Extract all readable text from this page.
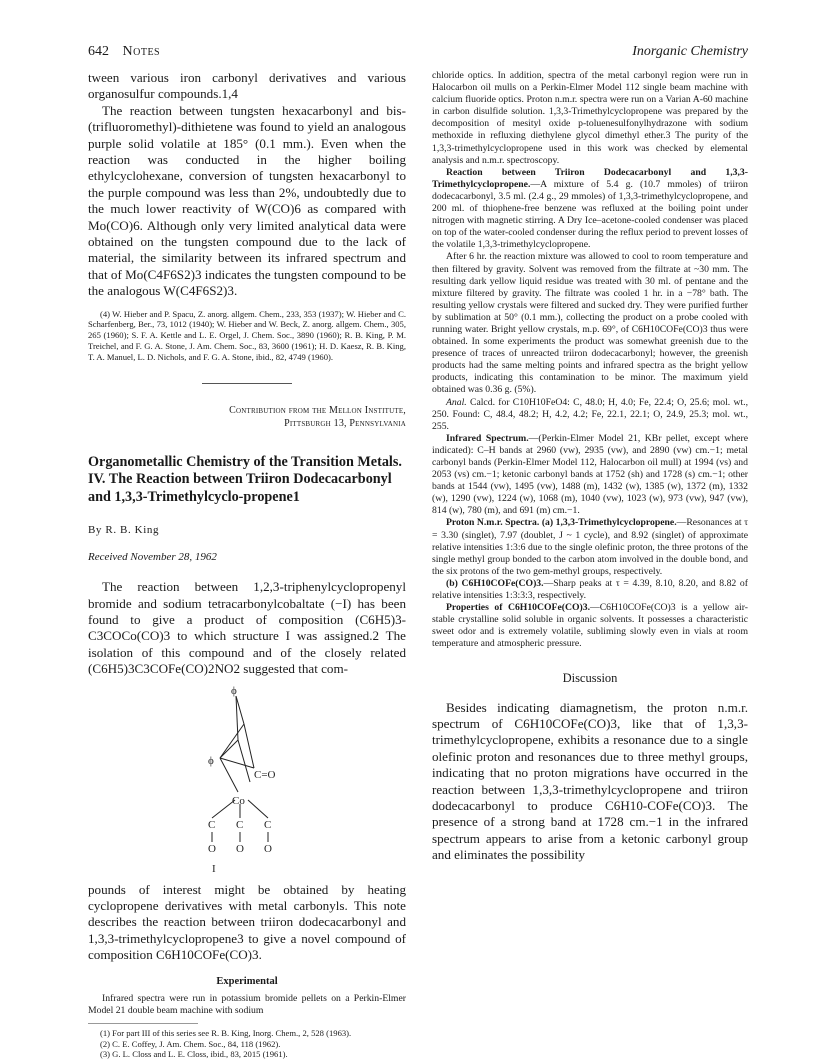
642 Notes	Inorganic Chemistry

tween various iron carbonyl derivatives and various organosulfur compounds.1,4

The reaction between tungsten hexacarbonyl and bis-(trifluoromethyl)-dithietene was found to yield an analogous purple solid volatile at 185° (0.1 mm.). Even when the reaction was conducted in the higher boiling ethylcyclohexane, conversion of tungsten hexacarbonyl to the purple compound was less than 2%, undoubtedly due to the much lower reactivity of W(CO)6 as compared with Mo(CO)6. Although only very limited analytical data were obtained on the tungsten compound due to the lack of material, the similarity between its infrared spectrum and that of Mo(C4F6S2)3 indicates the tungsten compound to be the analogous W(C4F6S2)3.

(4) W. Hieber and P. Spacu, Z. anorg. allgem. Chem., 233, 353 (1937); W. Hieber and C. Scharfenberg, Ber., 73, 1012 (1940); W. Hieber and W. Beck, Z. anorg. allgem. Chem., 305, 265 (1960); S. F. A. Kettle and L. E. Orgel, J. Chem. Soc., 3890 (1960); R. B. King, P. M. Treichel, and F. G. A. Stone, J. Am. Chem. Soc., 83, 3600 (1961); H. D. Kaesz, R. B. King, T. A. Manuel, L. D. Nichols, and F. G. A. Stone, ibid., 82, 4749 (1960).

Contribution from the Mellon Institute,
Pittsburgh 13, Pennsylvania
Organometallic Chemistry of the Transition Metals. IV. The Reaction between Triiron Dodecacarbonyl and 1,3,3-Trimethylcyclo-propene1
By R. B. King
Received November 28, 1962

The reaction between 1,2,3-triphenylcyclopropenyl bromide and sodium tetracarbonylcobaltate (−I) has been found to give a product of composition (C6H5)3-C3COCo(CO)3 to which structure I was assigned.2 The isolation of this compound and of the closely related (C6H5)3C3COFe(CO)2NO2 suggested that com-

ϕ
ϕ
C=O
Co
C C C
O O O
I

pounds of interest might be obtained by heating cyclopropene derivatives with metal carbonyls. This note describes the reaction between triiron dodecacarbonyl and 1,3,3-trimethylcyclopropene3 to give a novel compound of composition C6H10COFe(CO)3.

Experimental

Infrared spectra were run in potassium bromide pellets on a Perkin-Elmer Model 21 double beam machine with sodium

(1) For part III of this series see R. B. King, Inorg. Chem., 2, 528 (1963).

(2) C. E. Coffey, J. Am. Chem. Soc., 84, 118 (1962).

(3) G. L. Closs and L. E. Closs, ibid., 83, 2015 (1961).

chloride optics. In addition, spectra of the metal carbonyl region were run in Halocarbon oil mulls on a Perkin-Elmer Model 112 single beam machine with calcium fluoride optics. Proton n.m.r. spectra were run on a Varian A-60 machine in carbon disulfide solution. 1,3,3-Trimethylcyclopropene was prepared by the decomposition of mesityl oxide p-toluenesulfonylhydrazone with sodium methoxide in refluxing diethylene glycol dimethyl ether.3 The purity of the 1,3,3-trimethylcyclopropene used in this work was checked by elemental analysis and n.m.r. spectroscopy.

Reaction between Triiron Dodecacarbonyl and 1,3,3-Trimethylcyclopropene.—A mixture of 5.4 g. (10.7 mmoles) of triiron dodecacarbonyl, 3.5 ml. (2.4 g., 29 mmoles) of 1,3,3-trimethylcyclopropene, and 200 ml. of thiophene-free benzene was refluxed at the boiling point under nitrogen with magnetic stirring. A Dry Ice–acetone-cooled condenser was placed on top of the water-cooled condenser during the reflux period to prevent losses of the volatile 1,3,3-trimethylcyclopropene.

After 6 hr. the reaction mixture was allowed to cool to room temperature and then filtered by gravity. Solvent was removed from the filtrate at ~30 mm. The resulting dark yellow liquid residue was treated with 30 ml. of pentane and the mixture filtered by gravity. The filtrate was cooled 1 hr. in a −78° bath. The resulting yellow crystals were filtered and sucked dry. They were purified further by sublimation at 50° (0.1 mm.), collecting the product on a probe cooled with running water. Bright yellow crystals, m.p. 69°, of C6H10COFe(CO)3 thus were obtained. In some experiments the product was somewhat greenish due to the presence of traces of unreacted triiron dodecacarbonyl; however, the greenish products had the same melting points and infrared spectra as the bright yellow products, indicating this contamination to be minor. The maximum yield obtained was 0.36 g. (5%).

Anal. Calcd. for C10H10FeO4: C, 48.0; H, 4.0; Fe, 22.4; O, 25.6; mol. wt., 250. Found: C, 48.4, 48.2; H, 4.2, 4.2; Fe, 22.1, 22.1; O, 24.9, 25.3; mol. wt., 255.

Infrared Spectrum.—(Perkin-Elmer Model 21, KBr pellet, except where indicated): C–H bands at 2960 (vw), 2935 (vw), and 2890 (vw) cm.−1; metal carbonyl bands (Perkin-Elmer Model 112, Halocarbon oil mull) at 1994 (vs) and 2053 (vs) cm.−1; ketonic carbonyl bands at 1752 (sh) and 1728 (s) cm.−1; other bands at 1544 (vw), 1495 (vw), 1488 (m), 1432 (w), 1385 (w), 1372 (m), 1332 (w), 1290 (vw), 1224 (w), 1068 (m), 1040 (vw), 1023 (w), 973 (vw), 947 (vw), 814 (w), 780 (m), and 691 (m) cm.−1.

Proton N.m.r. Spectra. (a) 1,3,3-Trimethylcyclopropene.—Resonances at τ = 3.30 (singlet), 7.97 (doublet, J ~ 1 cycle), and 8.92 (singlet) of approximate relative intensities 1:3:6 due to the single olefinic proton, the three protons of the single methyl group bonded to the carbon atom involved in the double bond, and the six protons of the two gem-methyl groups, respectively.

(b) C6H10COFe(CO)3.—Sharp peaks at τ = 4.39, 8.10, 8.20, and 8.82 of relative intensities 1:3:3:3, respectively.

Properties of C6H10COFe(CO)3.—C6H10COFe(CO)3 is a yellow air-stable crystalline solid soluble in organic solvents. It possesses a characteristic sweet odor and is extremely volatile, subliming slowly even in vials at room temperature and atmospheric pressure.

Discussion

Besides indicating diamagnetism, the proton n.m.r. spectrum of C6H10COFe(CO)3, like that of 1,3,3-trimethylcyclopropene, exhibits a resonance due to a single olefinic proton and resonances due to three methyl groups, indicating that no proton migrations have occurred in the reaction between 1,3,3-trimethylcyclopropene and triiron dodecacarbonyl to produce C6H10-COFe(CO)3. The presence of a strong band at 1728 cm.−1 in the infrared spectrum appears to arise from a ketonic carbonyl group and eliminates the possibility
